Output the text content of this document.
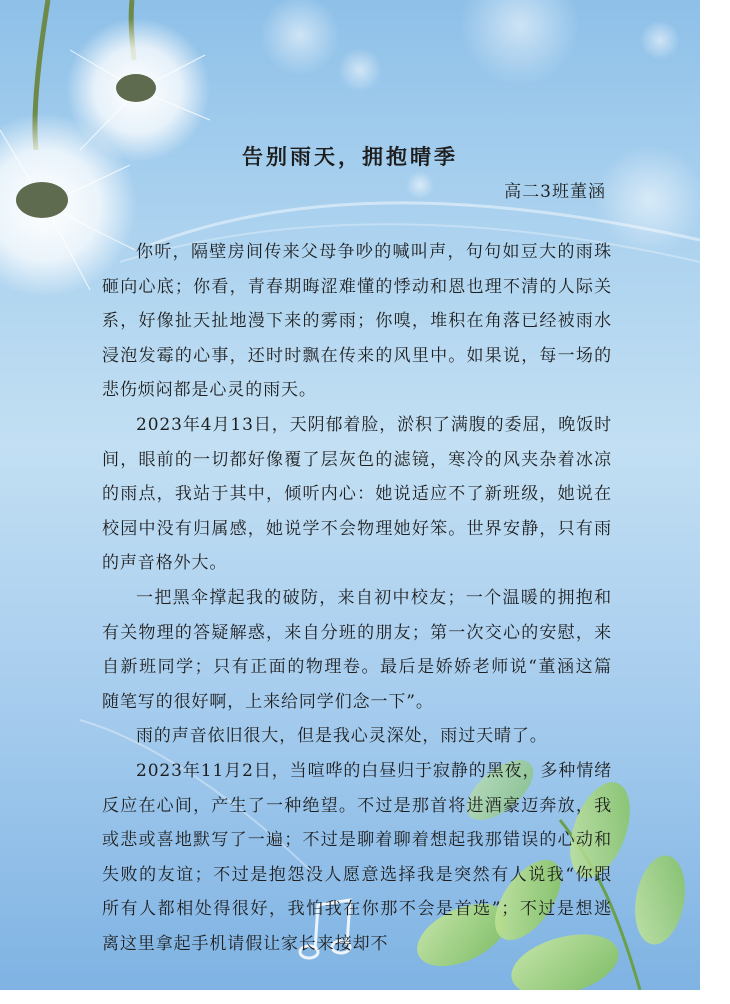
告别雨天，拥抱晴季
高二3班董涵

你听，隔壁房间传来父母争吵的喊叫声，句句如豆大的雨珠砸向心底；你看，青春期晦涩难懂的悸动和恩也理不清的人际关系，好像扯天扯地漫下来的雾雨；你嗅，堆积在角落已经被雨水浸泡发霉的心事，还时时飘在传来的风里中。如果说，每一场的悲伤烦闷都是心灵的雨天。

2023年4月13日，天阴郁着脸，淤积了满腹的委屈，晚饭时间，眼前的一切都好像覆了层灰色的滤镜，寒冷的风夹杂着冰凉的雨点，我站于其中，倾听内心：她说适应不了新班级，她说在校园中没有归属感，她说学不会物理她好笨。世界安静，只有雨的声音格外大。

一把黑伞撑起我的破防，来自初中校友；一个温暖的拥抱和有关物理的答疑解惑，来自分班的朋友；第一次交心的安慰，来自新班同学；只有正面的物理卷。最后是娇娇老师说“董涵这篇随笔写的很好啊，上来给同学们念一下”。

雨的声音依旧很大，但是我心灵深处，雨过天晴了。

2023年11月2日，当喧哗的白昼归于寂静的黑夜，多种情绪反应在心间，产生了一种绝望。不过是那首将进酒豪迈奔放，我或悲或喜地默写了一遍；不过是聊着聊着想起我那错误的心动和失败的友谊；不过是抱怨没人愿意选择我是突然有人说我“你跟所有人都相处得很好，我怕我在你那不会是首选”；不过是想逃离这里拿起手机请假让家长来接却不
